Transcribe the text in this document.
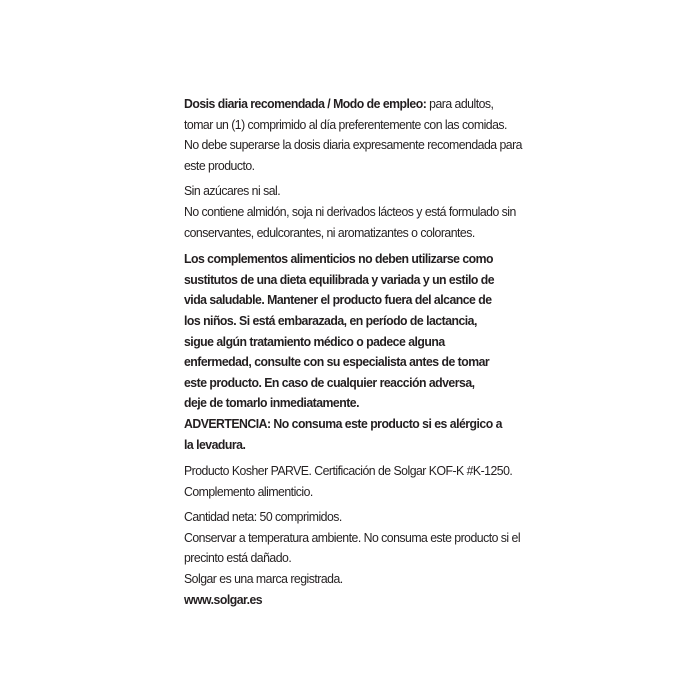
Dosis diaria recomendada / Modo de empleo: para adultos,
tomar un (1) comprimido al día preferentemente con las comidas.
No debe superarse la dosis diaria expresamente recomendada para
este producto.

Sin azúcares ni sal.

No contiene almidón, soja ni derivados lácteos y está formulado sin
conservantes, edulcorantes, ni aromatizantes o colorantes.

Los complementos alimenticios no deben utilizarse como
sustitutos de una dieta equilibrada y variada y un estilo de
vida saludable. Mantener el producto fuera del alcance de
los niños. Si está embarazada, en período de lactancia,
sigue algún tratamiento médico o padece alguna
enfermedad, consulte con su especialista antes de tomar
este producto. En caso de cualquier reacción adversa,
deje de tomarlo inmediatamente.

ADVERTENCIA: No consuma este producto si es alérgico a
la levadura.

Producto Kosher PARVE. Certificación de Solgar KOF-K #K-1250.
Complemento alimenticio.

Cantidad neta: 50 comprimidos.

Conservar a temperatura ambiente. No consuma este producto si el
precinto está dañado.

Solgar es una marca registrada.

www.solgar.es
